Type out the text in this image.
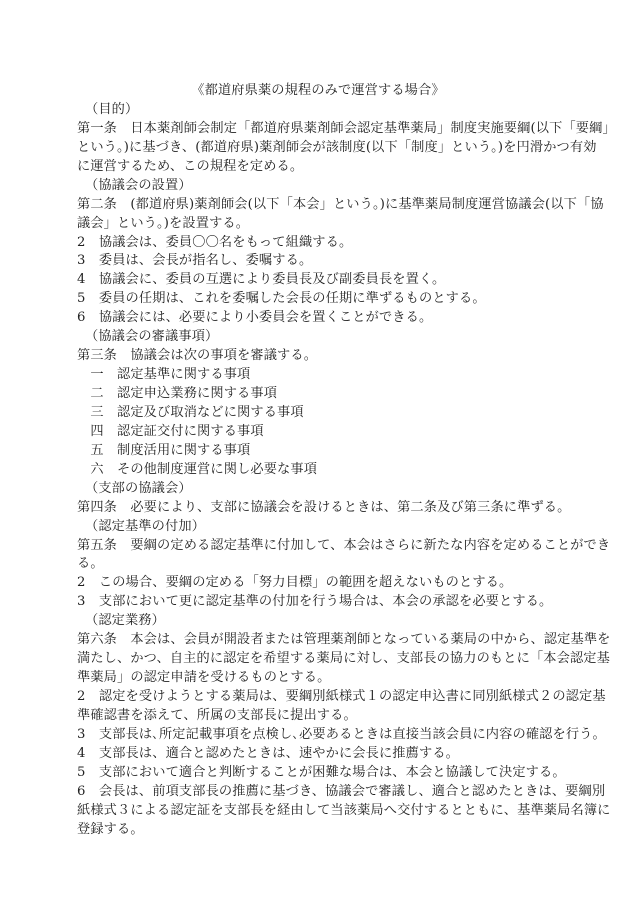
《都道府県薬の規程のみで運営する場合》
（目的）
第一条　日本薬剤師会制定「都道府県薬剤師会認定基準薬局」制度実施要綱(以下「要綱」
という。)に基づき、(都道府県)薬剤師会が該制度(以下「制度」という。)を円滑かつ有効
に運営するため、この規程を定める。
（協議会の設置）
第二条　(都道府県)薬剤師会(以下「本会」という。)に基準薬局制度運営協議会(以下「協
議会」という。)を設置する。
2　協議会は、委員〇〇名をもって組織する。
3　委員は、会長が指名し、委嘱する。
4　協議会に、委員の互選により委員長及び副委員長を置く。
5　委員の任期は、これを委嘱した会長の任期に準ずるものとする。
6　協議会には、必要により小委員会を置くことができる。
（協議会の審議事項）
第三条　協議会は次の事項を審議する。
　一　認定基準に関する事項
　二　認定申込業務に関する事項
　三　認定及び取消などに関する事項
　四　認定証交付に関する事項
　五　制度活用に関する事項
　六　その他制度運営に関し必要な事項
（支部の協議会）
第四条　必要により、支部に協議会を設けるときは、第二条及び第三条に準ずる。
（認定基準の付加）
第五条　要綱の定める認定基準に付加して、本会はさらに新たな内容を定めることができ
る。
2　この場合、要綱の定める「努力目標」の範囲を超えないものとする。
3　支部において更に認定基準の付加を行う場合は、本会の承認を必要とする。
（認定業務）
第六条　本会は、会員が開設者または管理薬剤師となっている薬局の中から、認定基準を
満たし、かつ、自主的に認定を希望する薬局に対し、支部長の協力のもとに「本会認定基
準薬局」の認定申請を受けるものとする。
2　認定を受けようとする薬局は、要綱別紙様式１の認定申込書に同別紙様式２の認定基
準確認書を添えて、所属の支部長に提出する。
3　支部長は､所定記載事項を点検し､必要あるときは直接当該会員に内容の確認を行う。
4　支部長は、適合と認めたときは、速やかに会長に推薦する。
5　支部において適合と判断することが困難な場合は、本会と協議して決定する。
6　会長は、前項支部長の推薦に基づき、協議会で審議し、適合と認めたときは、要綱別
紙様式３による認定証を支部長を経由して当該薬局へ交付するとともに、基準薬局名簿に
登録する。
